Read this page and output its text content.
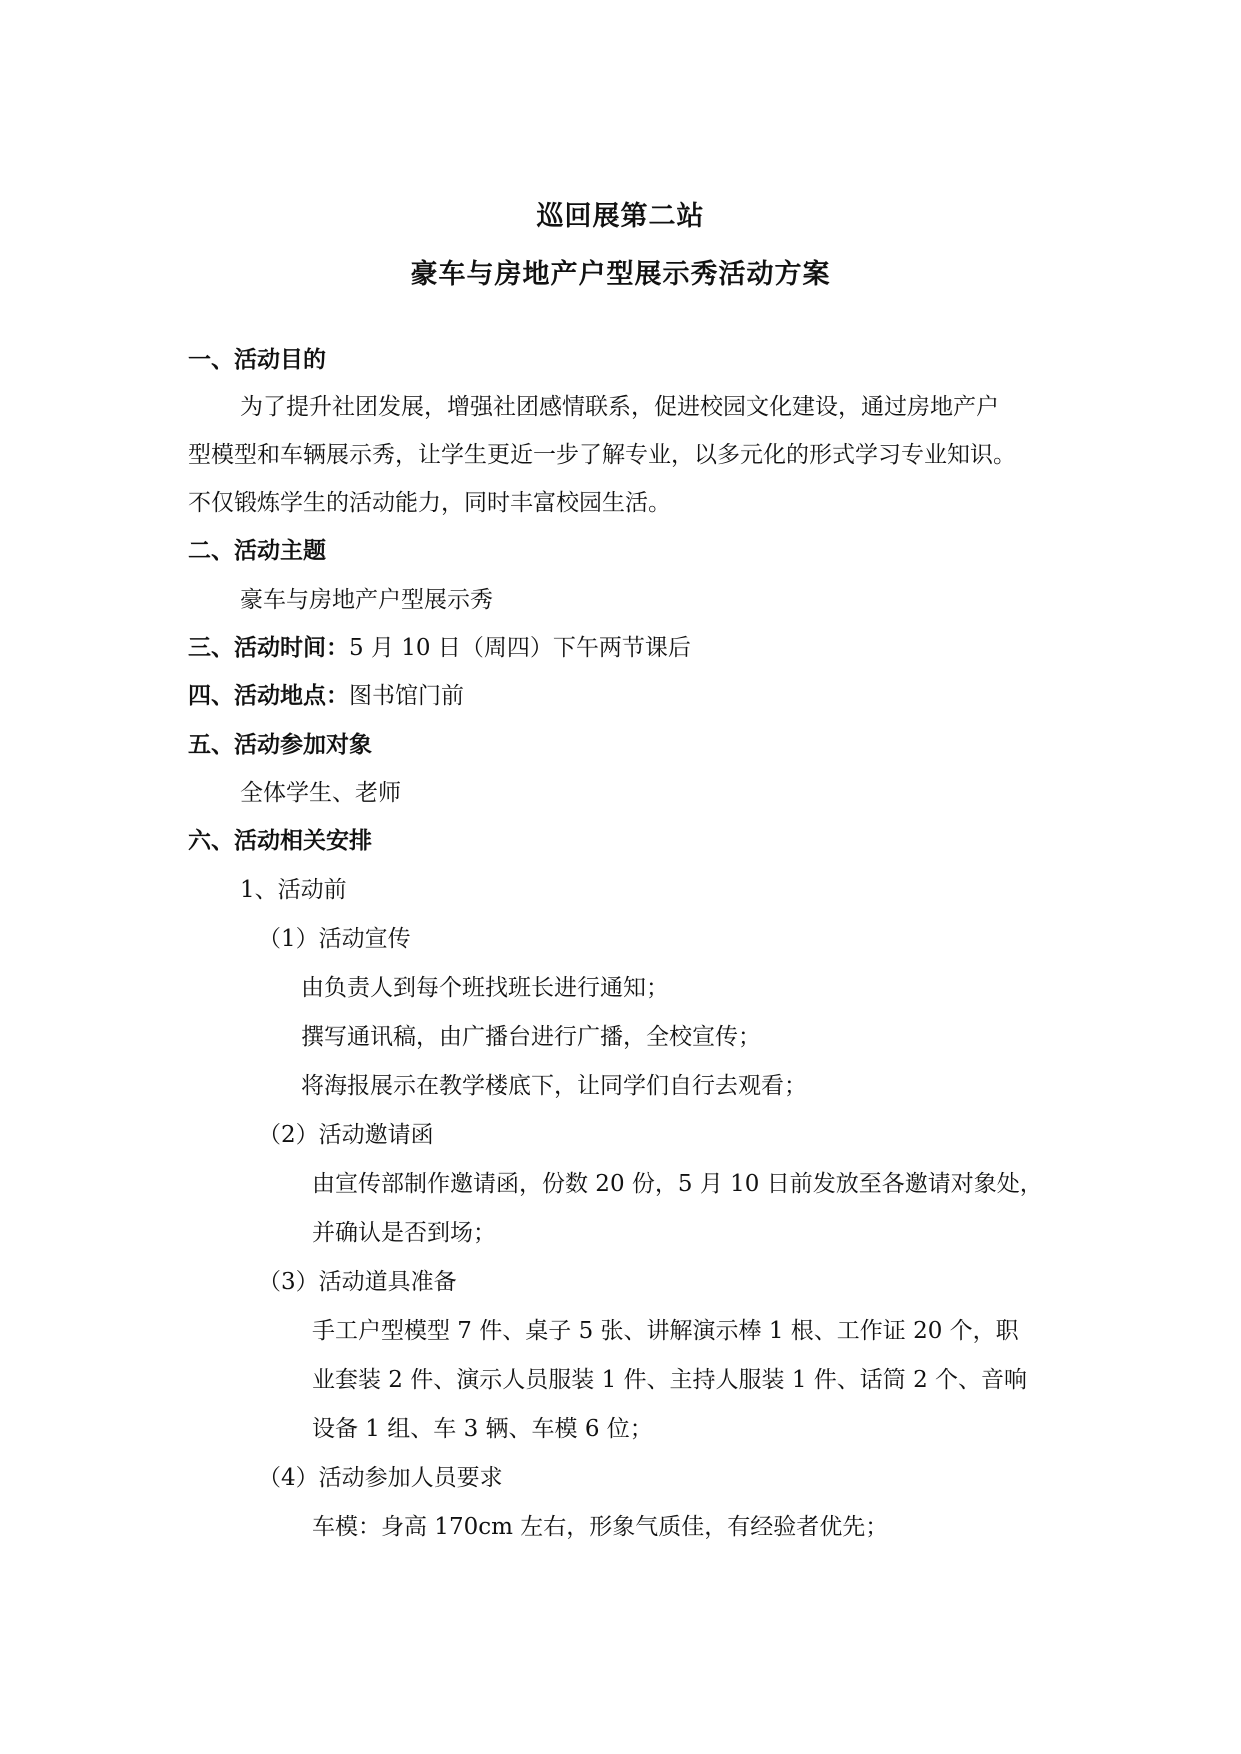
巡回展第二站
豪车与房地产户型展示秀活动方案
一、活动目的
为了提升社团发展，增强社团感情联系，促进校园文化建设，通过房地产户
型模型和车辆展示秀，让学生更近一步了解专业，以多元化的形式学习专业知识。
不仅锻炼学生的活动能力，同时丰富校园生活。
二、活动主题
豪车与房地产户型展示秀
三、活动时间：5 月 10 日（周四）下午两节课后
四、活动地点：图书馆门前
五、活动参加对象
全体学生、老师
六、活动相关安排
1、活动前
（1）活动宣传
由负责人到每个班找班长进行通知；
撰写通讯稿，由广播台进行广播，全校宣传；
将海报展示在教学楼底下，让同学们自行去观看；
（2）活动邀请函
由宣传部制作邀请函，份数 20 份，5 月 10 日前发放至各邀请对象处，
并确认是否到场；
（3）活动道具准备
手工户型模型 7 件、桌子 5 张、讲解演示棒 1 根、工作证 20 个，职
业套装 2 件、演示人员服装 1 件、主持人服装 1 件、话筒 2 个、音响
设备 1 组、车 3 辆、车模 6 位；
（4）活动参加人员要求
车模：身高 170cm 左右，形象气质佳，有经验者优先；
